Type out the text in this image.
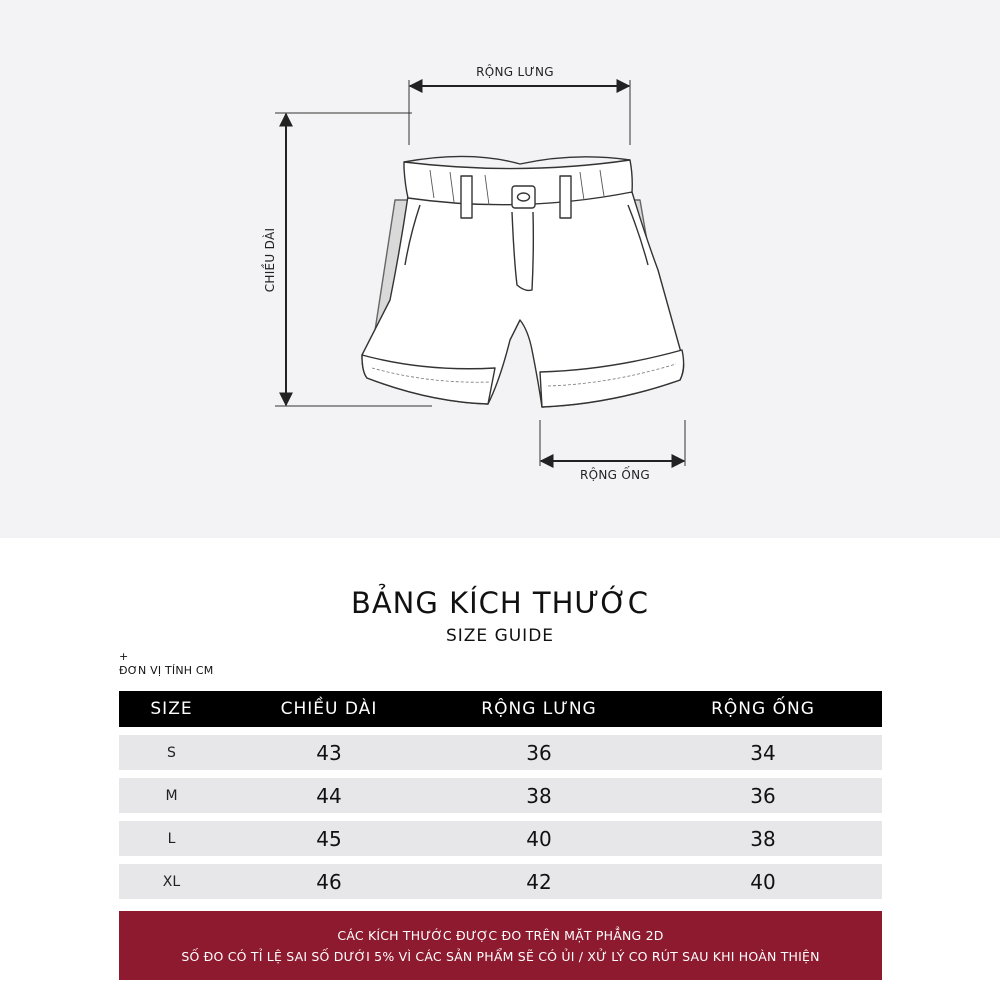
RỘNG LƯNG
CHIỀU DÀI
RỘNG ỐNG
BẢNG KÍCH THƯỚC
SIZE GUIDE
+
ĐƠN VỊ TÍNH CM
SIZE	CHIỀU DÀI	RỘNG LƯNG	RỘNG ỐNG
S	43	36	34
M	44	38	36
L	45	40	38
XL	46	42	40
CÁC KÍCH THƯỚC ĐƯỢC ĐO TRÊN MẶT PHẲNG 2D
SỐ ĐO CÓ TỈ LỆ SAI SỐ DƯỚI 5% VÌ CÁC SẢN PHẨM SẼ CÓ ỦI / XỬ LÝ CO RÚT SAU KHI HOÀN THIỆN
